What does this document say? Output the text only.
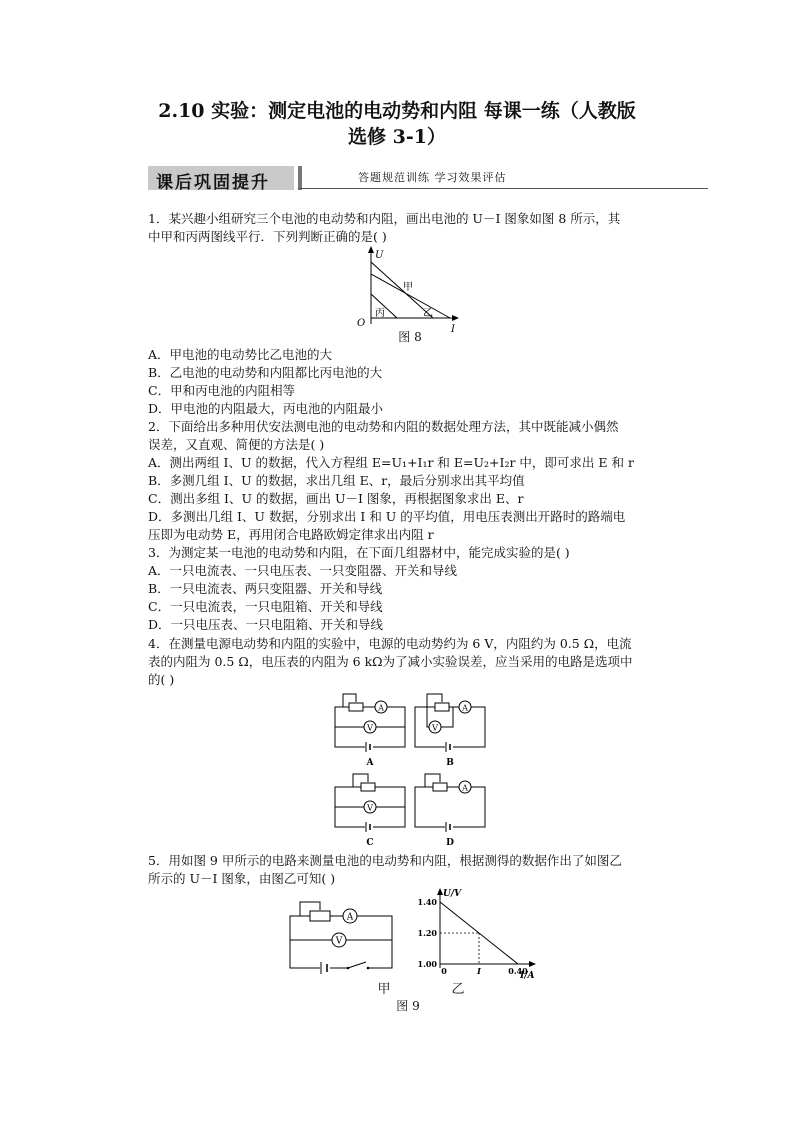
2.10 实验：测定电池的电动势和内阻 每课一练（人教版
选修 3-1）
课后巩固提升	答题规范训练 学习效果评估
1．某兴趣小组研究三个电池的电动势和内阻，画出电池的 U－I 图象如图 8 所示，其
中甲和丙两图线平行．下列判断正确的是( )
U
O
I
甲
乙
丙
图 8
A．甲电池的电动势比乙电池的大
B．乙电池的电动势和内阻都比丙电池的大
C．甲和丙电池的内阻相等
D．甲电池的内阻最大，丙电池的内阻最小
2．下面给出多种用伏安法测电池的电动势和内阻的数据处理方法，其中既能减小偶然
误差，又直观、简便的方法是( )
A．测出两组 I、U 的数据，代入方程组 E=U₁+I₁r 和 E=U₂+I₂r 中，即可求出 E 和 r
B．多测几组 I、U 的数据，求出几组 E、r，最后分别求出其平均值
C．测出多组 I、U 的数据，画出 U－I 图象，再根据图象求出 E、r
D．多测出几组 I、U 数据，分别求出 I 和 U 的平均值，用电压表测出开路时的路端电
压即为电动势 E，再用闭合电路欧姆定律求出内阻 r
3．为测定某一电池的电动势和内阻，在下面几组器材中，能完成实验的是( )
A．一只电流表、一只电压表、一只变阻器、开关和导线
B．一只电流表、两只变阻器、开关和导线
C．一只电流表，一只电阻箱、开关和导线
D．一只电压表、一只电阻箱、开关和导线
4．在测量电源电动势和内阻的实验中，电源的电动势约为 6 V，内阻约为 0.5 Ω，电流
表的内阻为 0.5 Ω，电压表的内阻为 6 kΩ为了减小实验误差，应当采用的电路是选项中
的( )
A
V
A
A
V
B
V
C
A
D
5．用如图 9 甲所示的电路来测量电池的电动势和内阻，根据测得的数据作出了如图乙
所示的 U－I 图象，由图乙可知( )
A
V
甲
U/V
I/A
1.40
1.20
1.00
0	I	0.40
乙
图 9
